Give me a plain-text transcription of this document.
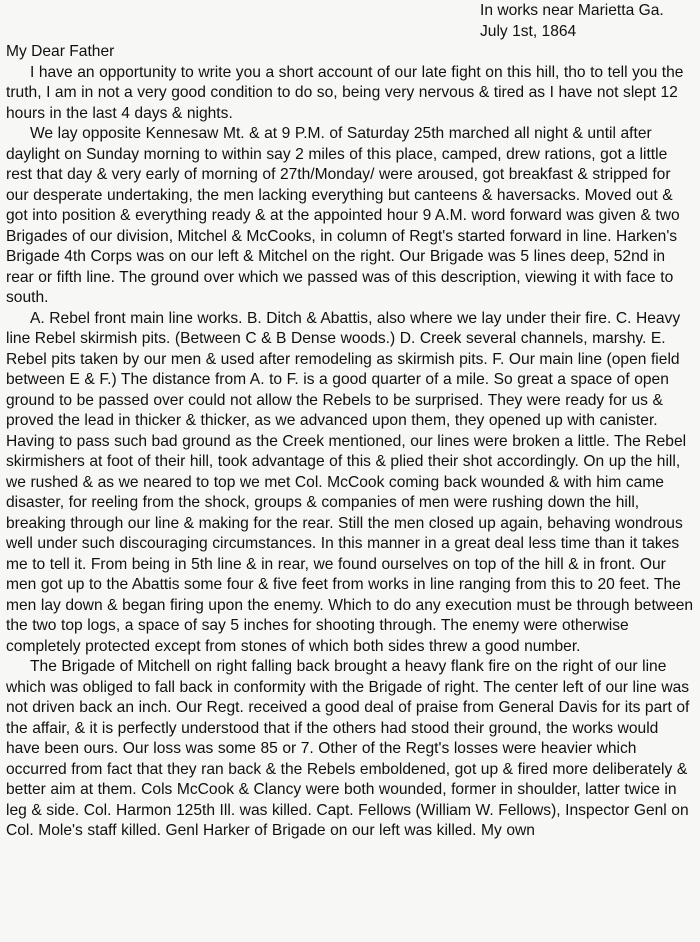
In works near Marietta Ga.
July 1st, 1864
My Dear Father

I have an opportunity to write you a short account of our late fight on this hill, tho to tell you the truth, I am in not a very good condition to do so, being very nervous & tired as I have not slept 12 hours in the last 4 days & nights.

We lay opposite Kennesaw Mt. & at 9 P.M. of Saturday 25th marched all night & until after daylight on Sunday morning to within say 2 miles of this place, camped, drew rations, got a little rest that day & very early of morning of 27th/Monday/ were aroused, got breakfast & stripped for our desperate undertaking, the men lacking everything but canteens & haversacks. Moved out & got into position & everything ready & at the appointed hour 9 A.M. word forward was given & two Brigades of our division, Mitchel & McCooks, in column of Regt's started forward in line. Harken's Brigade 4th Corps was on our left & Mitchel on the right. Our Brigade was 5 lines deep, 52nd in rear or fifth line. The ground over which we passed was of this description, viewing it with face to south.

A. Rebel front main line works. B. Ditch & Abattis, also where we lay under their fire. C. Heavy line Rebel skirmish pits. (Between C & B Dense woods.) D. Creek several channels, marshy. E. Rebel pits taken by our men & used after remodeling as skirmish pits. F. Our main line (open field between E & F.) The distance from A. to F. is a good quarter of a mile. So great a space of open ground to be passed over could not allow the Rebels to be surprised. They were ready for us & proved the lead in thicker & thicker, as we advanced upon them, they opened up with canister. Having to pass such bad ground as the Creek mentioned, our lines were broken a little. The Rebel skirmishers at foot of their hill, took advantage of this & plied their shot accordingly. On up the hill, we rushed & as we neared to top we met Col. McCook coming back wounded & with him came disaster, for reeling from the shock, groups & companies of men were rushing down the hill, breaking through our line & making for the rear. Still the men closed up again, behaving wondrous well under such discouraging circumstances. In this manner in a great deal less time than it takes me to tell it. From being in 5th line & in rear, we found ourselves on top of the hill & in front. Our men got up to the Abattis some four & five feet from works in line ranging from this to 20 feet. The men lay down & began firing upon the enemy. Which to do any execution must be through between the two top logs, a space of say 5 inches for shooting through. The enemy were otherwise completely protected except from stones of which both sides threw a good number.

The Brigade of Mitchell on right falling back brought a heavy flank fire on the right of our line which was obliged to fall back in conformity with the Brigade of right. The center left of our line was not driven back an inch. Our Regt. received a good deal of praise from General Davis for its part of the affair, & it is perfectly understood that if the others had stood their ground, the works would have been ours. Our loss was some 85 or 7. Other of the Regt's losses were heavier which occurred from fact that they ran back & the Rebels emboldened, got up & fired more deliberately & better aim at them. Cols McCook & Clancy were both wounded, former in shoulder, latter twice in leg & side. Col. Harmon 125th Ill. was killed. Capt. Fellows (William W. Fellows), Inspector Genl on Col. Mole's staff killed. Genl Harker of Brigade on our left was killed. My own
